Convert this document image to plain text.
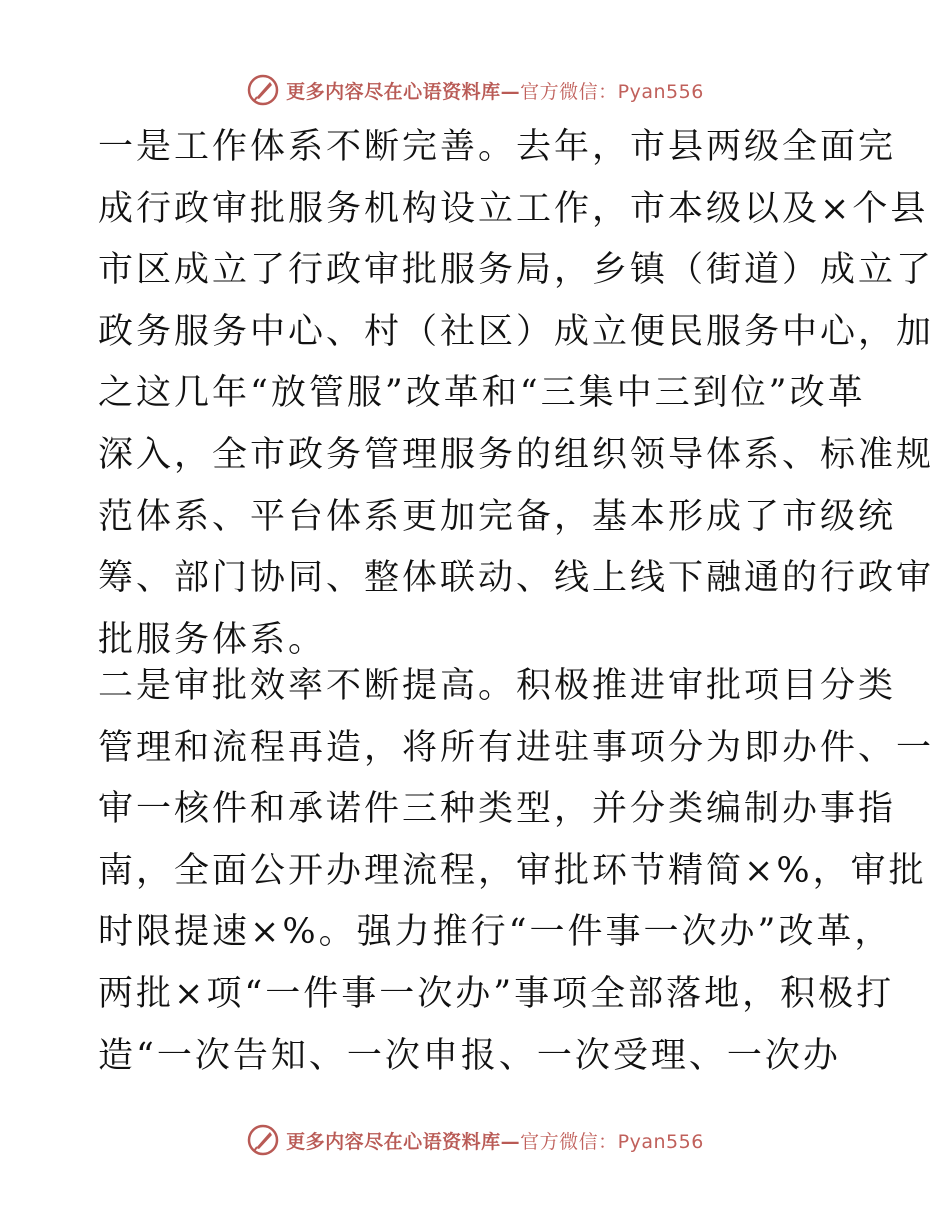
更多内容尽在心语资料库—官方微信：Pyan556

一是工作体系不断完善。去年，市县两级全面完
成行政审批服务机构设立工作，市本级以及×个县
市区成立了行政审批服务局，乡镇（街道）成立了
政务服务中心、村（社区）成立便民服务中心，加
之这几年“放管服”改革和“三集中三到位”改革
深入，全市政务管理服务的组织领导体系、标准规
范体系、平台体系更加完备，基本形成了市级统
筹、部门协同、整体联动、线上线下融通的行政审
批服务体系。

二是审批效率不断提高。积极推进审批项目分类
管理和流程再造，将所有进驻事项分为即办件、一
审一核件和承诺件三种类型，并分类编制办事指
南，全面公开办理流程，审批环节精简×%，审批
时限提速×%。强力推行“一件事一次办”改革，
两批×项“一件事一次办”事项全部落地，积极打
造“一次告知、一次申报、一次受理、一次办

更多内容尽在心语资料库—官方微信：Pyan556
